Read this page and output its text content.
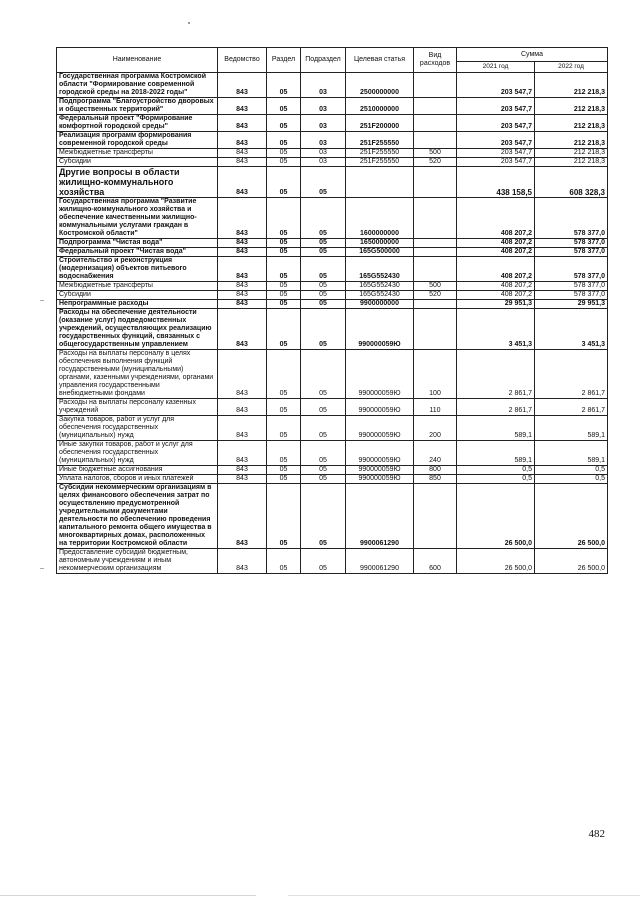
Наименование	Ведомство	Раздел	Подраздел	Целевая статья	Вид расходов	Сумма	
						2021 год	2022 год
Государственная программа Костромской области "Формирование современной городской среды на 2018-2022 годы"	843	05	03	2500000000		203 547,7	212 218,3
Подпрограмма "Благоустройство дворовых и общественных территорий"	843	05	03	2510000000		203 547,7	212 218,3
Федеральный проект "Формирование комфортной городской среды"	843	05	03	251F200000		203 547,7	212 218,3
Реализация программ формирования современной городской среды	843	05	03	251F255550		203 547,7	212 218,3
Межбюджетные трансферты	843	05	03	251F255550	500	203 547,7	212 218,3
Субсидии	843	05	03	251F255550	520	203 547,7	212 218,3
Другие вопросы в области жилищно-коммунального хозяйства	843	05	05			438 158,5	608 328,3
Государственная программа "Развитие жилищно-коммунального хозяйства и обеспечение качественными жилищно-коммунальными услугами граждан в Костромской области"	843	05	05	1600000000		408 207,2	578 377,0
Подпрограмма "Чистая вода"	843	05	05	1650000000		408 207,2	578 377,0
Федеральный проект "Чистая вода"	843	05	05	165G500000		408 207,2	578 377,0
Строительство и реконструкция (модернизация) объектов питьевого водоснабжения	843	05	05	165G552430		408 207,2	578 377,0
Межбюджетные трансферты	843	05	05	165G552430	500	408 207,2	578 377,0
Субсидии	843	05	05	165G552430	520	408 207,2	578 377,0
Непрограммные расходы	843	05	05	9900000000		29 951,3	29 951,3
Расходы на обеспечение деятельности (оказание услуг) подведомственных учреждений, осуществляющих реализацию государственных функций, связанных с общегосударственным управлением	843	05	05	990000059Ю		3 451,3	3 451,3
Расходы на выплаты персоналу в целях обеспечения выполнения функций государственными (муниципальными) органами, казенными учреждениями, органами управления государственными внебюджетными фондами	843	05	05	990000059Ю	100	2 861,7	2 861,7
Расходы на выплаты персоналу казенных учреждений	843	05	05	990000059Ю	110	2 861,7	2 861,7
Закупка товаров, работ и услуг для обеспечения государственных (муниципальных) нужд	843	05	05	990000059Ю	200	589,1	589,1
Иные закупки товаров, работ и услуг для обеспечения государственных (муниципальных) нужд	843	05	05	990000059Ю	240	589,1	589,1
Иные бюджетные ассигнования	843	05	05	990000059Ю	800	0,5	0,5
Уплата налогов, сборов и иных платежей	843	05	05	990000059Ю	850	0,5	0,5
Субсидии некоммерческим организациям в целях финансового обеспечения затрат по осуществлению предусмотренной учредительными документами деятельности по обеспечению проведения капитального ремонта общего имущества в многоквартирных домах, расположенных на территории Костромской области	843	05	05	9900061290		26 500,0	26 500,0
Предоставление субсидий бюджетным, автономным учреждениям и иным некоммерческим организациям	843	05	05	9900061290	600	26 500,0	26 500,0
482
